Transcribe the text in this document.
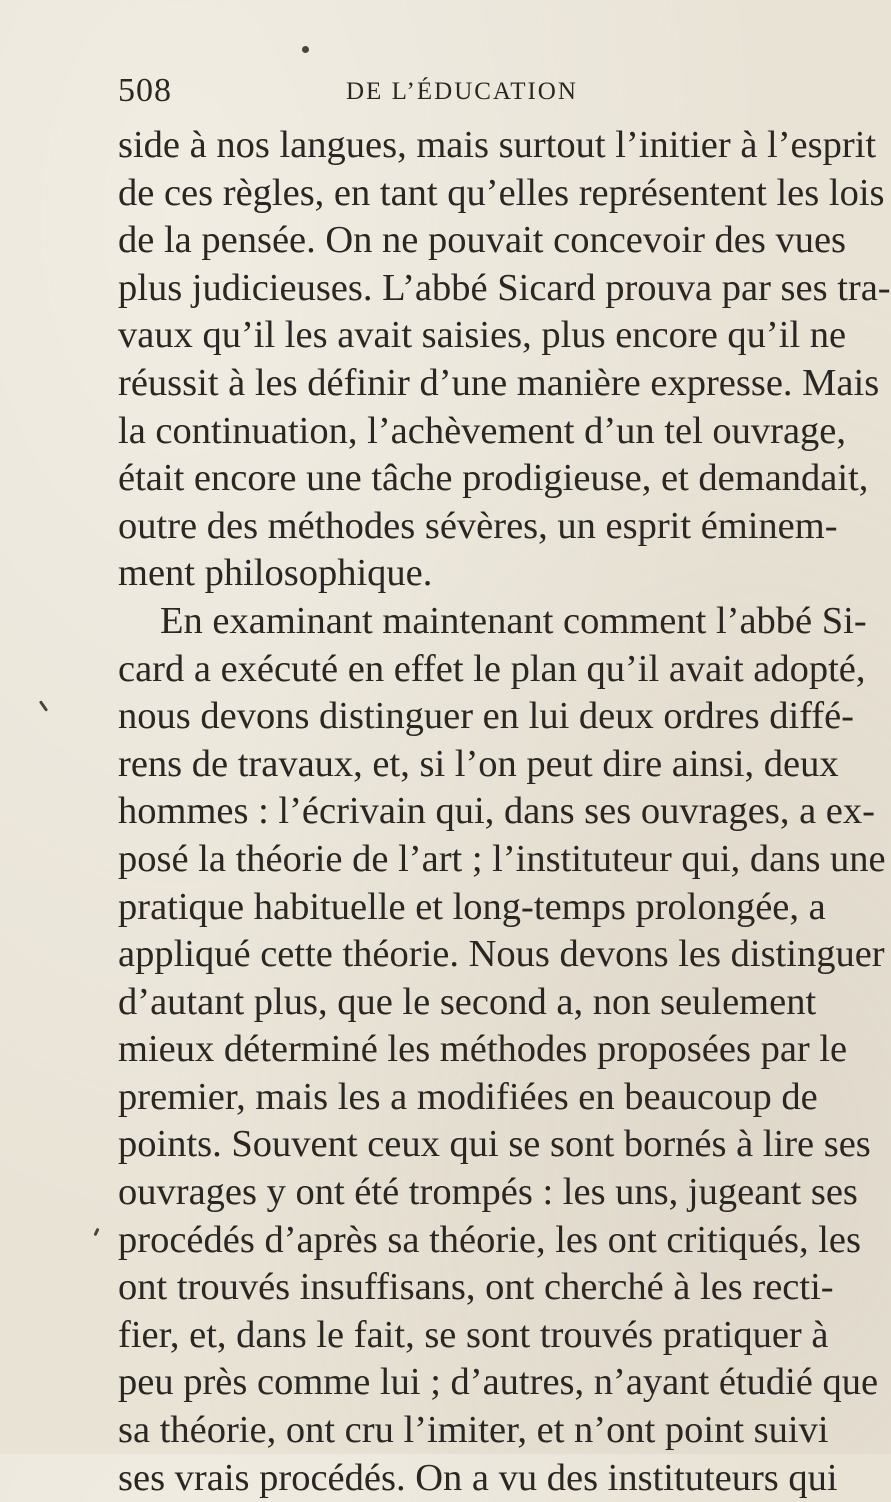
508	DE L’ÉDUCATION
side à nos langues, mais surtout l’initier à l’esprit
de ces règles, en tant qu’elles représentent les lois
de la pensée. On ne pouvait concevoir des vues
plus judicieuses. L’abbé Sicard prouva par ses tra-
vaux qu’il les avait saisies, plus encore qu’il ne
réussit à les définir d’une manière expresse. Mais
la continuation, l’achèvement d’un tel ouvrage,
était encore une tâche prodigieuse, et demandait,
outre des méthodes sévères, un esprit éminem-
ment philosophique.
En examinant maintenant comment l’abbé Si-
card a exécuté en effet le plan qu’il avait adopté,
nous devons distinguer en lui deux ordres diffé-
rens de travaux, et, si l’on peut dire ainsi, deux
hommes : l’écrivain qui, dans ses ouvrages, a ex-
posé la théorie de l’art ; l’instituteur qui, dans une
pratique habituelle et long-temps prolongée, a
appliqué cette théorie. Nous devons les distinguer
d’autant plus, que le second a, non seulement
mieux déterminé les méthodes proposées par le
premier, mais les a modifiées en beaucoup de
points. Souvent ceux qui se sont bornés à lire ses
ouvrages y ont été trompés : les uns, jugeant ses
procédés d’après sa théorie, les ont critiqués, les
ont trouvés insuffisans, ont cherché à les recti-
fier, et, dans le fait, se sont trouvés pratiquer à
peu près comme lui ; d’autres, n’ayant étudié que
sa théorie, ont cru l’imiter, et n’ont point suivi
ses vrais procédés. On a vu des instituteurs qui
